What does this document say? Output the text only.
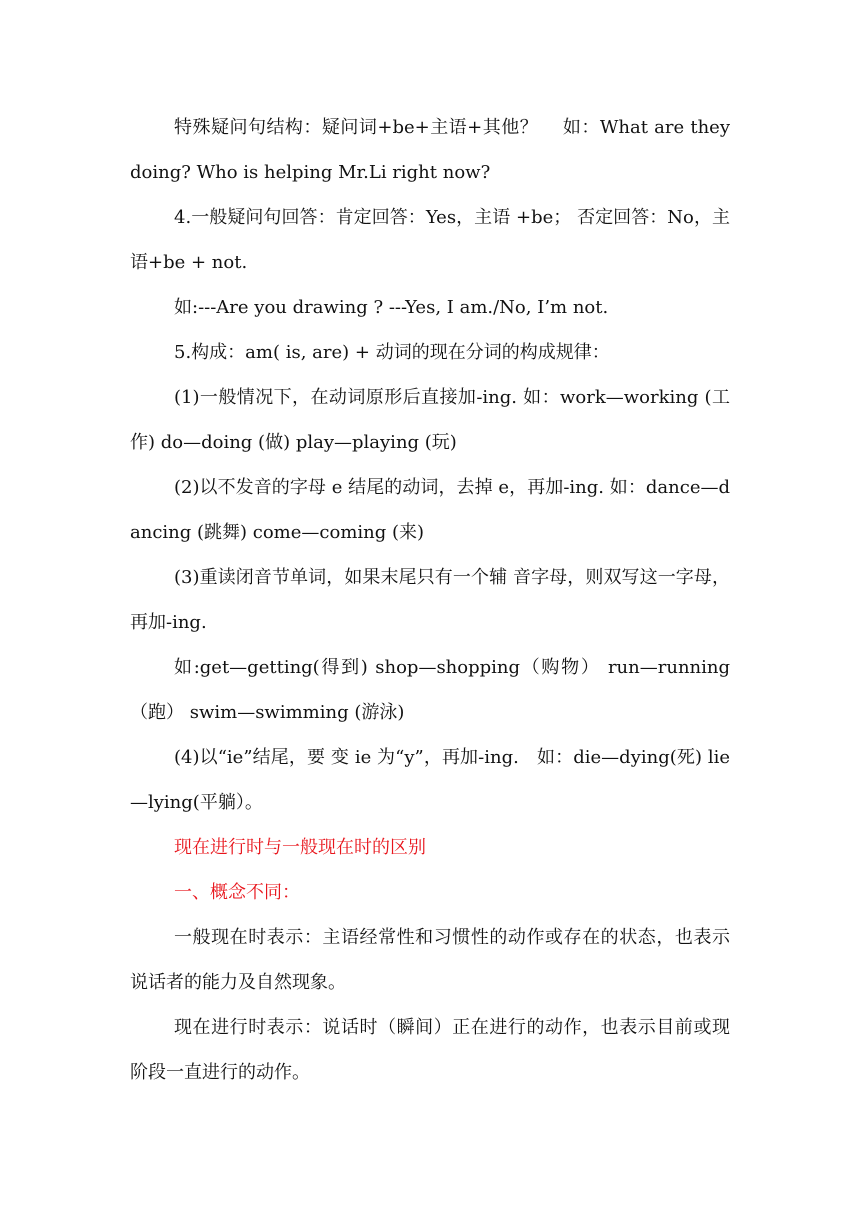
特殊疑问句结构：疑问词+be+主语+其他？　 如：What are they doing? Who is helping Mr.Li right now?

4.一般疑问句回答：肯定回答：Yes，主语 +be； 否定回答：No，主语+be + not.

如:---Are you drawing ? ---Yes, I am./No, I’m not.

5.构成：am( is, are) + 动词的现在分词的构成规律：

(1)一般情况下，在动词原形后直接加-ing. 如：work—working (工作) do—doing (做) play—playing (玩)

(2)以不发音的字母 e 结尾的动词，去掉 e，再加-ing. 如：dance—dancing (跳舞) come—coming (来)

(3)重读闭音节单词，如果末尾只有一个辅 音字母，则双写这一字母，再加-ing.

如:get—getting(得到) shop—shopping（购物） run—running（跑） swim—swimming (游泳)

(4)以“ie”结尾，要 变 ie 为“y”，再加-ing.　如：die—dying(死) lie—lying(平躺）。

现在进行时与一般现在时的区别

一、概念不同：

一般现在时表示：主语经常性和习惯性的动作或存在的状态，也表示说话者的能力及自然现象。

现在进行时表示：说话时（瞬间）正在进行的动作，也表示目前或现阶段一直进行的动作。
